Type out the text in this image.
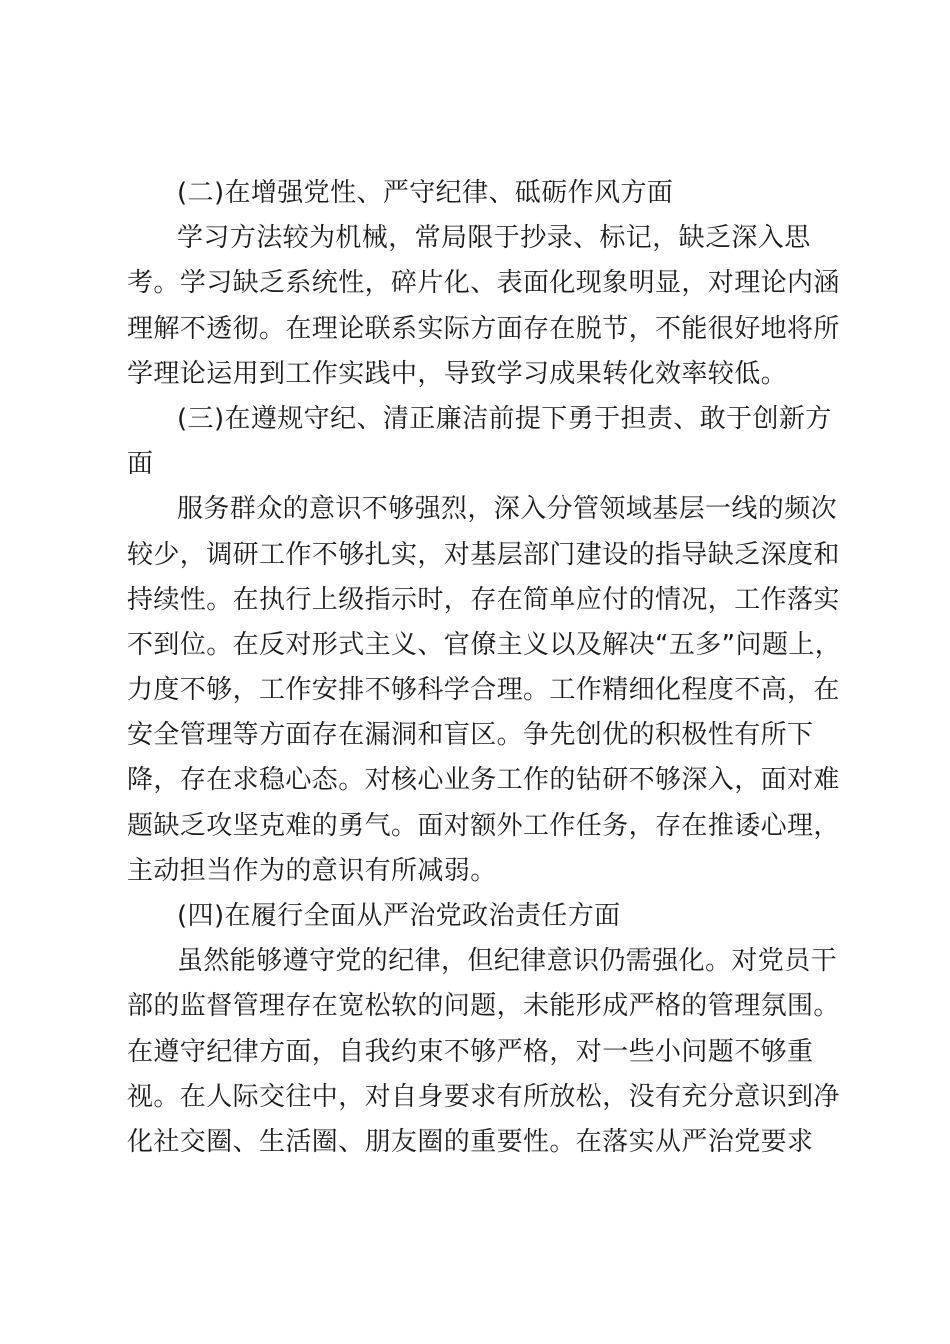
(二)在增强党性、严守纪律、砥砺作风方面
学习方法较为机械，常局限于抄录、标记，缺乏深入思
考。学习缺乏系统性，碎片化、表面化现象明显，对理论内涵
理解不透彻。在理论联系实际方面存在脱节，不能很好地将所
学理论运用到工作实践中，导致学习成果转化效率较低。
(三)在遵规守纪、清正廉洁前提下勇于担责、敢于创新方
面
服务群众的意识不够强烈，深入分管领域基层一线的频次
较少，调研工作不够扎实，对基层部门建设的指导缺乏深度和
持续性。在执行上级指示时，存在简单应付的情况，工作落实
不到位。在反对形式主义、官僚主义以及解决“五多”问题上，
力度不够，工作安排不够科学合理。工作精细化程度不高，在
安全管理等方面存在漏洞和盲区。争先创优的积极性有所下
降，存在求稳心态。对核心业务工作的钻研不够深入，面对难
题缺乏攻坚克难的勇气。面对额外工作任务，存在推诿心理，
主动担当作为的意识有所减弱。
(四)在履行全面从严治党政治责任方面
虽然能够遵守党的纪律，但纪律意识仍需强化。对党员干
部的监督管理存在宽松软的问题，未能形成严格的管理氛围。
在遵守纪律方面，自我约束不够严格，对一些小问题不够重
视。在人际交往中，对自身要求有所放松，没有充分意识到净
化社交圈、生活圈、朋友圈的重要性。在落实从严治党要求
